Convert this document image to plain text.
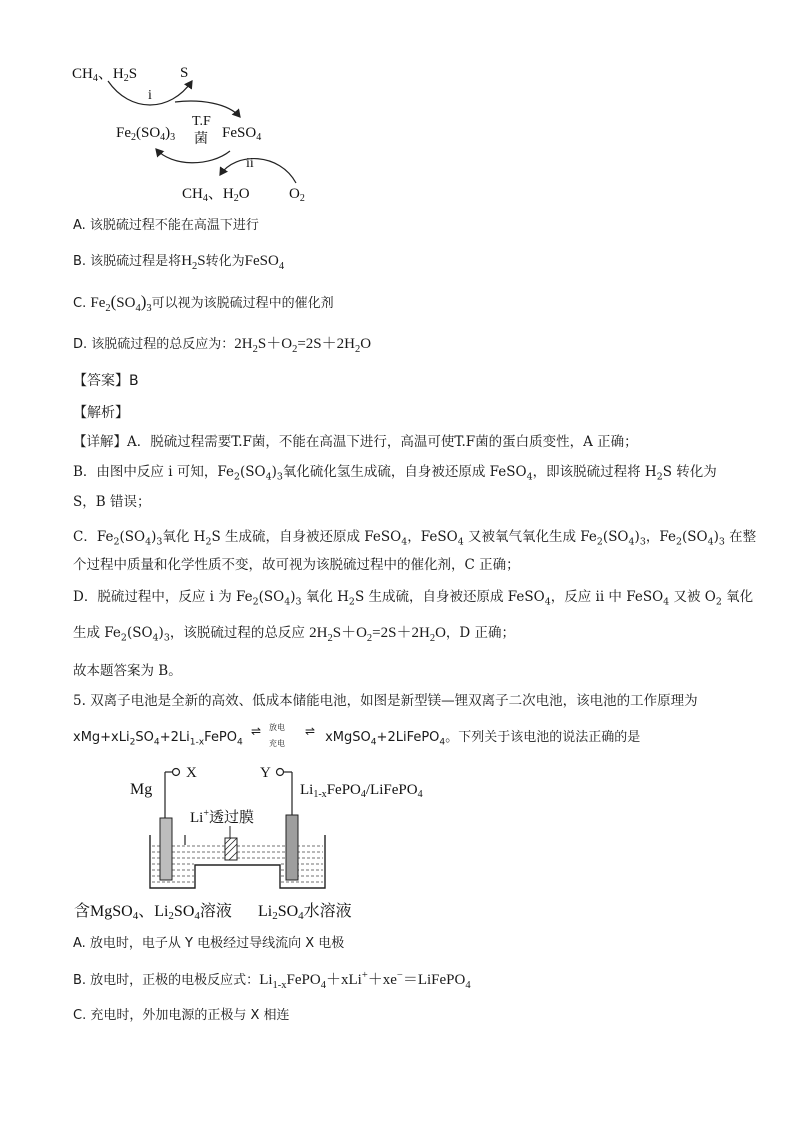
$CH_4$、$H_2S$	S
i
$Fe_2(SO_4)_3$	FeSO$_4$
T.F
菌
ii
$CH_4$、$H_2O$	$O_2$
A. 该脱硫过程不能在高温下进行
B. 该脱硫过程是将$H_2S$转化为FeSO$_4$
C. $Fe_2(SO_4)_3$可以视为该脱硫过程中的催化剂
D. 该脱硫过程的总反应为：$2H_2S+O_2=2S+2H_2O$
【答案】B
【解析】
【详解】A．脱硫过程需要T.F菌，不能在高温下进行，高温可使T.F菌的蛋白质变性，A 正确；
B．由图中反应 i 可知，$Fe_2(SO_4)_3$氧化硫化氢生成硫，自身被还原成 FeSO$_4$，即该脱硫过程将 $H_2S$ 转化为
S，B 错误；
C．$Fe_2(SO_4)_3$氧化 $H_2S$ 生成硫，自身被还原成 FeSO$_4$，FeSO$_4$ 又被氧气氧化生成 $Fe_2(SO_4)_3$，$Fe_2(SO_4)_3$ 在整
个过程中质量和化学性质不变，故可视为该脱硫过程中的催化剂，C 正确；
D．脱硫过程中，反应 i 为 $Fe_2(SO_4)_3$ 氧化 $H_2S$ 生成硫，自身被还原成 FeSO$_4$，反应 ii 中 FeSO$_4$ 又被 $O_2$ 氧化
生成 $Fe_2(SO_4)_3$，该脱硫过程的总反应 $2H_2S+O_2=2S+2H_2O$，D 正确；
故本题答案为 B。
5. 双离子电池是全新的高效、低成本储能电池，如图是新型镁—锂双离子二次电池，该电池的工作原理为
$xMg+xLi_2SO_4+2Li_{1-x}FePO_4$
⇌ 放电
充电
⇌ xMgSO$_4$+2LiFePO$_4$。下列关于该电池的说法正确的是
Mg
X	Y
$Li_{1-x}FePO_4/LiFePO_4$
Li+透过膜
含MgSO4、Li2SO4溶液 Li2SO4水溶液
A. 放电时，电子从 Y 电极经过导线流向 X 电极
B. 放电时，正极的电极反应式：$Li_{1-x}FePO_4+xLi^++xe^-=LiFePO_4$
C. 充电时，外加电源的正极与 X 相连
